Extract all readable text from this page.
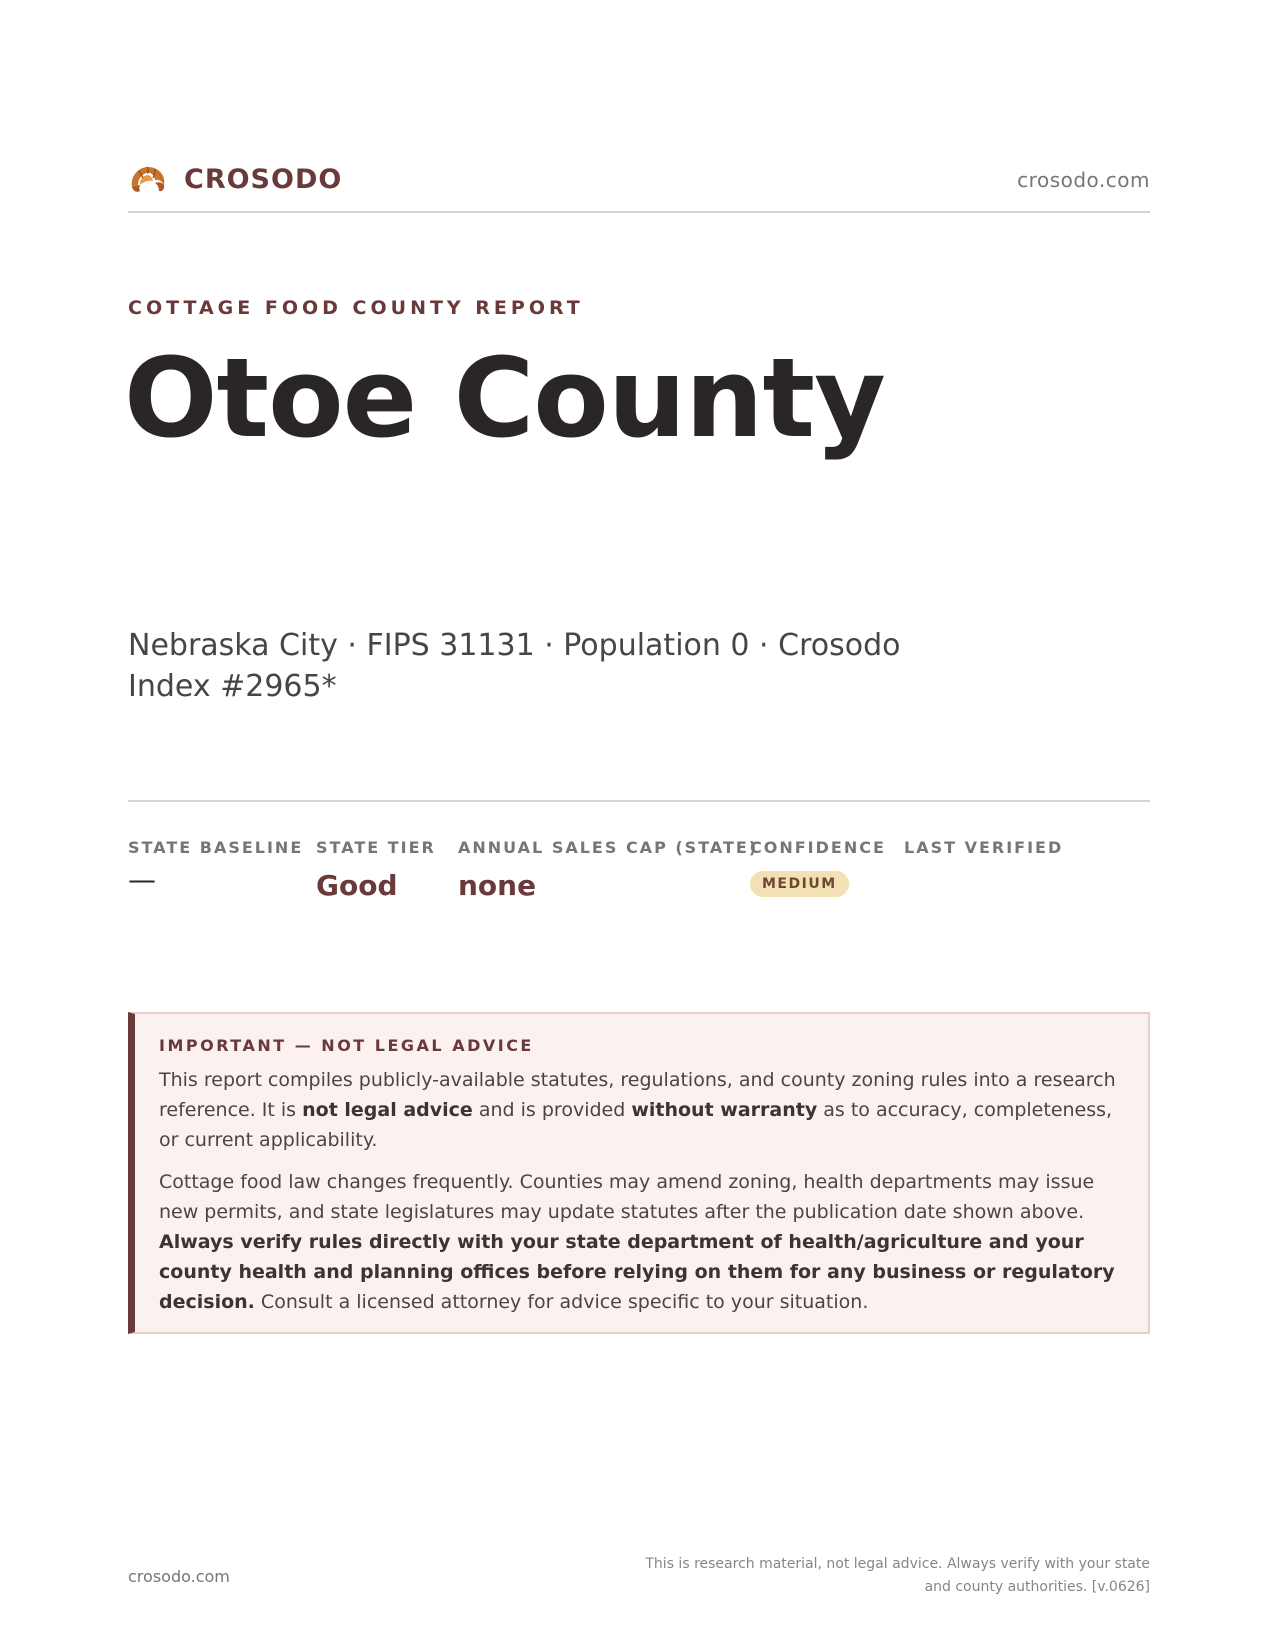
CROSODO	crosodo.com
COTTAGE FOOD COUNTY REPORT
Otoe County
Nebraska City · FIPS 31131 · Population 0 · Crosodo Index #2965*
STATE BASELINE
—
STATE TIER
Good
ANNUAL SALES CAP (STATE)
none
CONFIDENCE
MEDIUM
LAST VERIFIED
IMPORTANT — NOT LEGAL ADVICE

This report compiles publicly-available statutes, regulations, and county zoning rules into a research reference. It is not legal advice and is provided without warranty as to accuracy, completeness, or current applicability.

Cottage food law changes frequently. Counties may amend zoning, health departments may issue new permits, and state legislatures may update statutes after the publication date shown above. Always verify rules directly with your state department of health/agriculture and your county health and planning offices before relying on them for any business or regulatory decision. Consult a licensed attorney for advice specific to your situation.

crosodo.com
This is research material, not legal advice. Always verify with your state
and county authorities. [v.0626]
